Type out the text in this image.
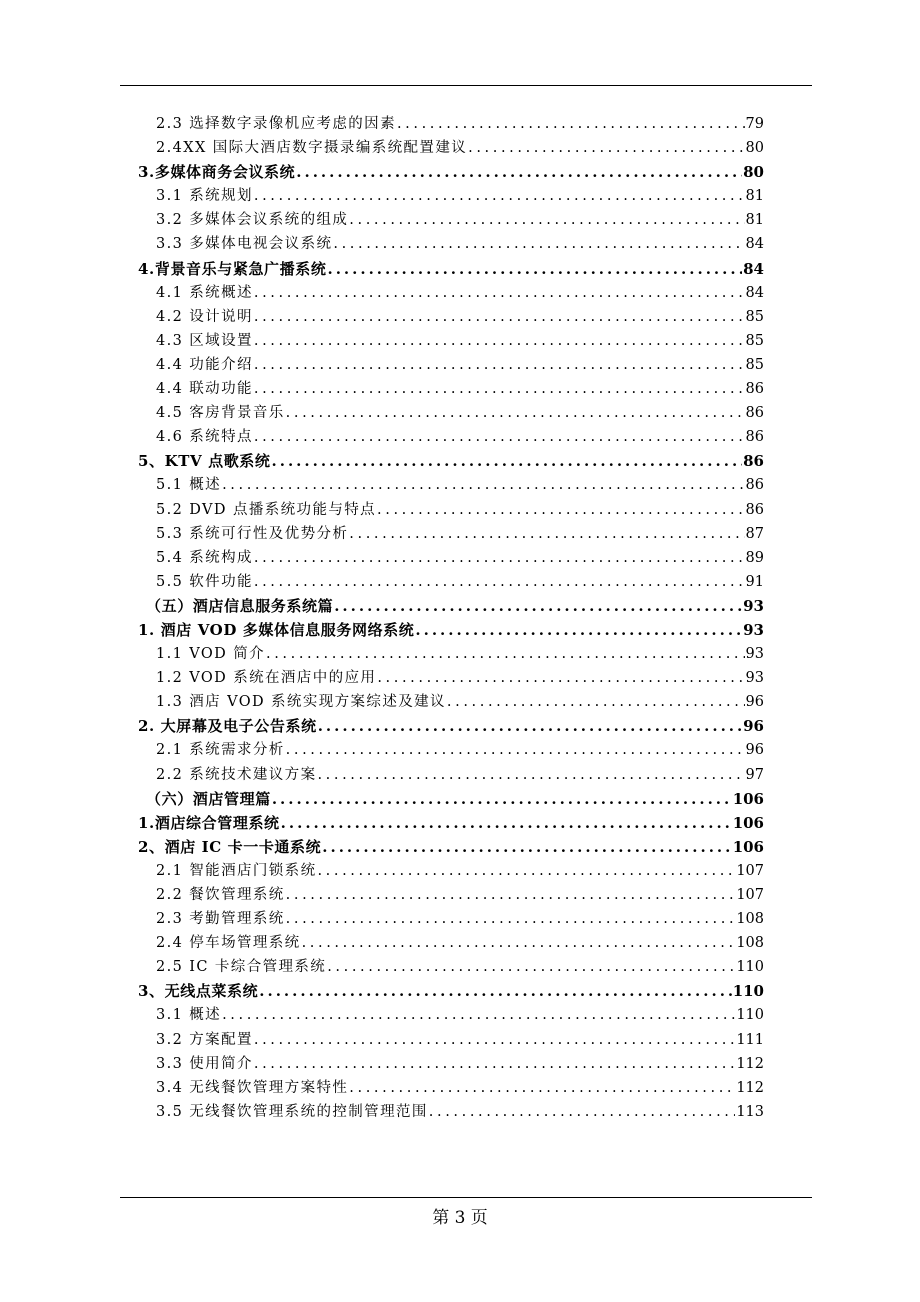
2.3 选择数字录像机应考虑的因素 .....	79
2.4XX 国际大酒店数字摄录编系统配置建议 .....	80
3.多媒体商务会议系统 .....	80
3.1 系统规划 .....	81
3.2 多媒体会议系统的组成 .....	81
3.3 多媒体电视会议系统 .....	84
4.背景音乐与紧急广播系统 .....	84
4.1 系统概述 .....	84
4.2 设计说明 .....	85
4.3 区域设置 .....	85
4.4 功能介绍 .....	85
4.4 联动功能 .....	86
4.5 客房背景音乐 .....	86
4.6 系统特点 .....	86
5、KTV 点歌系统 .....	86
5.1 概述 .....	86
5.2 DVD 点播系统功能与特点 .....	86
5.3 系统可行性及优势分析 .....	87
5.4 系统构成 .....	89
5.5 软件功能 .....	91
（五）酒店信息服务系统篇 .....	93
1. 酒店 VOD 多媒体信息服务网络系统 .....	93
1.1 VOD 简介 .....	93
1.2 VOD 系统在酒店中的应用 .....	93
1.3 酒店 VOD 系统实现方案综述及建议 .....	96
2. 大屏幕及电子公告系统 .....	96
2.1 系统需求分析 .....	96
2.2 系统技术建议方案 .....	97
（六）酒店管理篇 .....	106
1.酒店综合管理系统 .....	106
2、酒店 IC 卡一卡通系统 .....	106
2.1 智能酒店门锁系统 .....	107
2.2 餐饮管理系统 .....	107
2.3 考勤管理系统 .....	108
2.4 停车场管理系统 .....	108
2.5 IC 卡综合管理系统 .....	110
3、无线点菜系统 .....	110
3.1 概述 .....	110
3.2 方案配置 .....	111
3.3 使用简介 .....	112
3.4 无线餐饮管理方案特性 .....	112
3.5 无线餐饮管理系统的控制管理范围 .....	113
第 3 页
